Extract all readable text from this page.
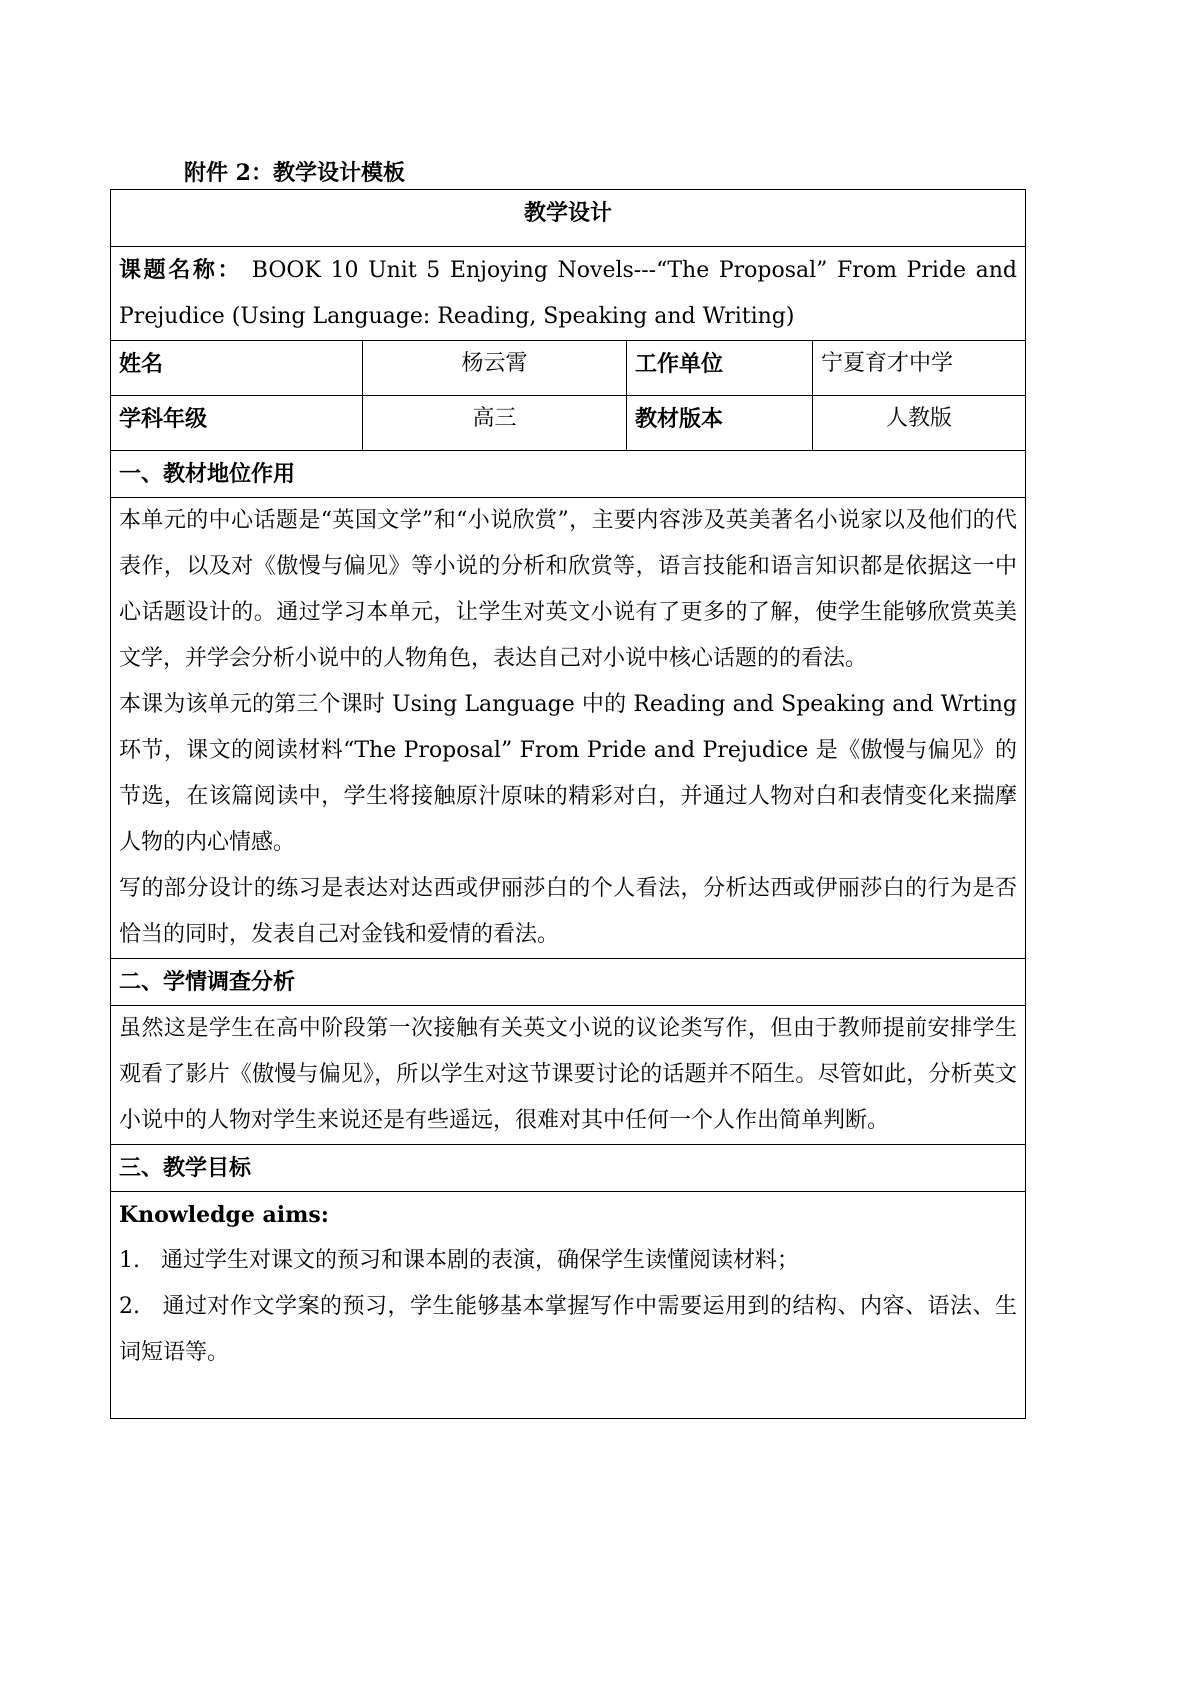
附件 2：教学设计模板
教学设计			
课题名称： BOOK 10 Unit 5 Enjoying Novels---“The Proposal” From Pride and Prejudice (Using Language: Reading, Speaking and Writing)			
姓名	杨云霄	工作单位	宁夏育才中学
学科年级	高三	教材版本	人教版
一、教材地位作用			

本单元的中心话题是“英国文学”和“小说欣赏”，主要内容涉及英美著名小说家以及他们的代表作，以及对《傲慢与偏见》等小说的分析和欣赏等，语言技能和语言知识都是依据这一中心话题设计的。通过学习本单元，让学生对英文小说有了更多的了解，使学生能够欣赏英美文学，并学会分析小说中的人物角色，表达自己对小说中核心话题的的看法。

本课为该单元的第三个课时 Using Language 中的 Reading and Speaking and Wrting 环节，课文的阅读材料“The Proposal” From Pride and Prejudice 是《傲慢与偏见》的节选，在该篇阅读中，学生将接触原汁原味的精彩对白，并通过人物对白和表情变化来揣摩人物的内心情感。

写的部分设计的练习是表达对达西或伊丽莎白的个人看法，分析达西或伊丽莎白的行为是否恰当的同时，发表自己对金钱和爱情的看法。			

二、学情调查分析			

虽然这是学生在高中阶段第一次接触有关英文小说的议论类写作，但由于教师提前安排学生观看了影片《傲慢与偏见》，所以学生对这节课要讨论的话题并不陌生。尽管如此，分析英文小说中的人物对学生来说还是有些遥远，很难对其中任何一个人作出简单判断。			

三、教学目标			

Knowledge aims:

1. 通过学生对课文的预习和课本剧的表演，确保学生读懂阅读材料；

2. 通过对作文学案的预习，学生能够基本掌握写作中需要运用到的结构、内容、语法、生词短语等。			
